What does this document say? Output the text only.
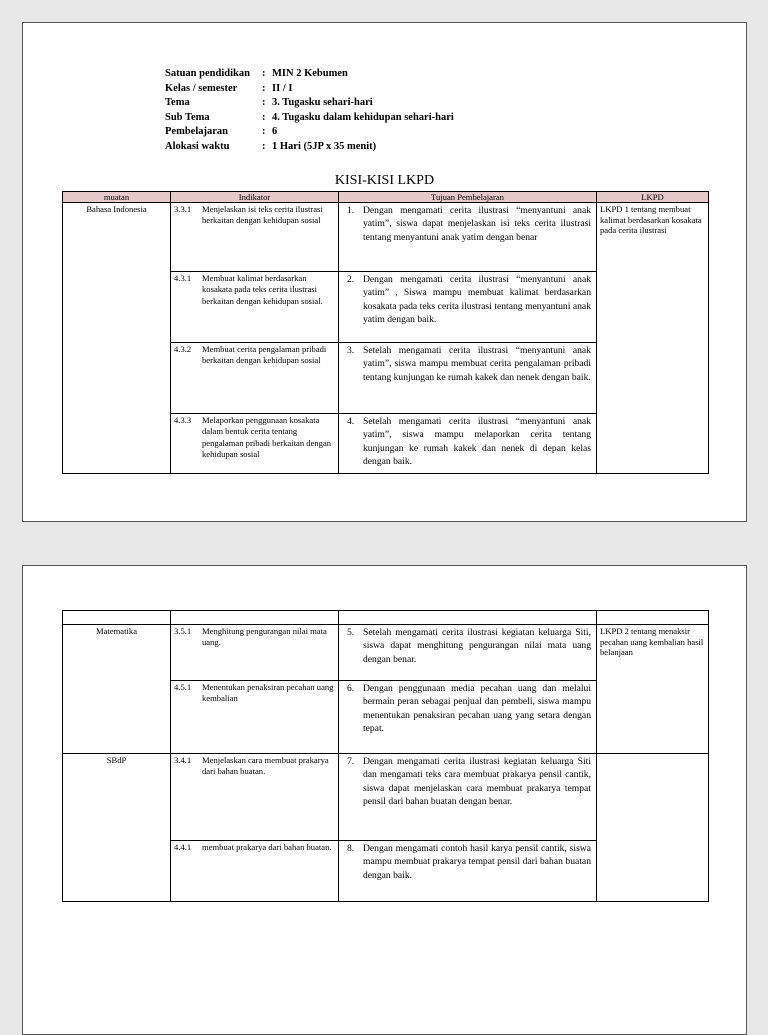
Satuan pendidikan	: MIN 2 Kebumen
Kelas / semester	: II / I
Tema	: 3. Tugasku sehari-hari
Sub Tema	: 4. Tugasku dalam kehidupan sehari-hari
Pembelajaran	: 6
Alokasi waktu	: 1 Hari (5JP x 35 menit)
KISI-KISI LKPD
muatan	Indikator	Tujuan Pembelajaran	LKPD
Bahasa Indonesia	3.3.1 Menjelaskan isi teks cerita ilustrasi berkaitan dengan kehidupan sosial	1. Dengan mengamati cerita ilustrasi “menyantuni anak yatim”, siswa dapat menjelaskan isi teks cerita ilustrasi tentang menyantuni anak yatim dengan benar	LKPD 1 tentang membuat kalimat berdasarkan kosakata pada cerita ilustrasi

	4.3.1 Membuat kalimat berdasarkan kosakata pada teks cerita ilustrasi berkaitan dengan kehidupan sosial.	2. Dengan mengamati cerita ilustrasi “menyantuni anak yatim” , Siswa mampu membuat kalimat berdasarkan kosakata pada teks cerita ilustrasi tentang menyantuni anak yatim dengan baik.	

	4.3.2 Membuat cerita pengalaman pribadi berkaitan dengan kehidupan sosial	3. Setelah mengamati cerita ilustrasi “menyantuni anak yatim”, siswa mampu membuat cerita pengalaman pribadi tentang kunjungan ke rumah kakek dan nenek dengan baik.	

	4.3.3 Melaporkan penggunaan kosakata dalam bentuk cerita tentang pengalaman pribadi berkaitan dengan kehidupan sosial	4. Setelah mengamati cerita ilustrasi “menyantuni anak yatim”, siswa mampu melaporkan cerita tentang kunjungan ke rumah kakek dan nenek di depan kelas dengan baik.	

Matematika	3.5.1 Menghitung pengurangan nilai mata uang.	5. Setelah mengamati cerita ilustrasi kegiatan keluarga Siti, siswa dapat menghitung pengurangan nilai mata uang dengan benar.	LKPD 2 tentang menaksir pecahan uang kembalian hasil belanjaan

	4.5.1 Menentukan penaksiran pecahan uang kembalian	6. Dengan penggunaan media pecahan uang dan melalui bermain peran sebagai penjual dan pembeli, siswa mampu menentukan penaksiran pecahan uang yang setara dengan tepat.	

SBdP	3.4.1 Menjelaskan cara membuat prakarya dari bahan buatan.	7. Dengan mengamati cerita ilustrasi kegiatan keluarga Siti dan mengamati teks cara membuat prakarya pensil cantik, siswa dapat menjelaskan cara membuat prakarya tempat pensil dari bahan buatan dengan benar.	

	4.4.1 membuat prakarya dari bahan buatan.	8. Dengan mengamati contoh hasil karya pensil cantik, siswa mampu membuat prakarya tempat pensil dari bahan buatan dengan baik.	
